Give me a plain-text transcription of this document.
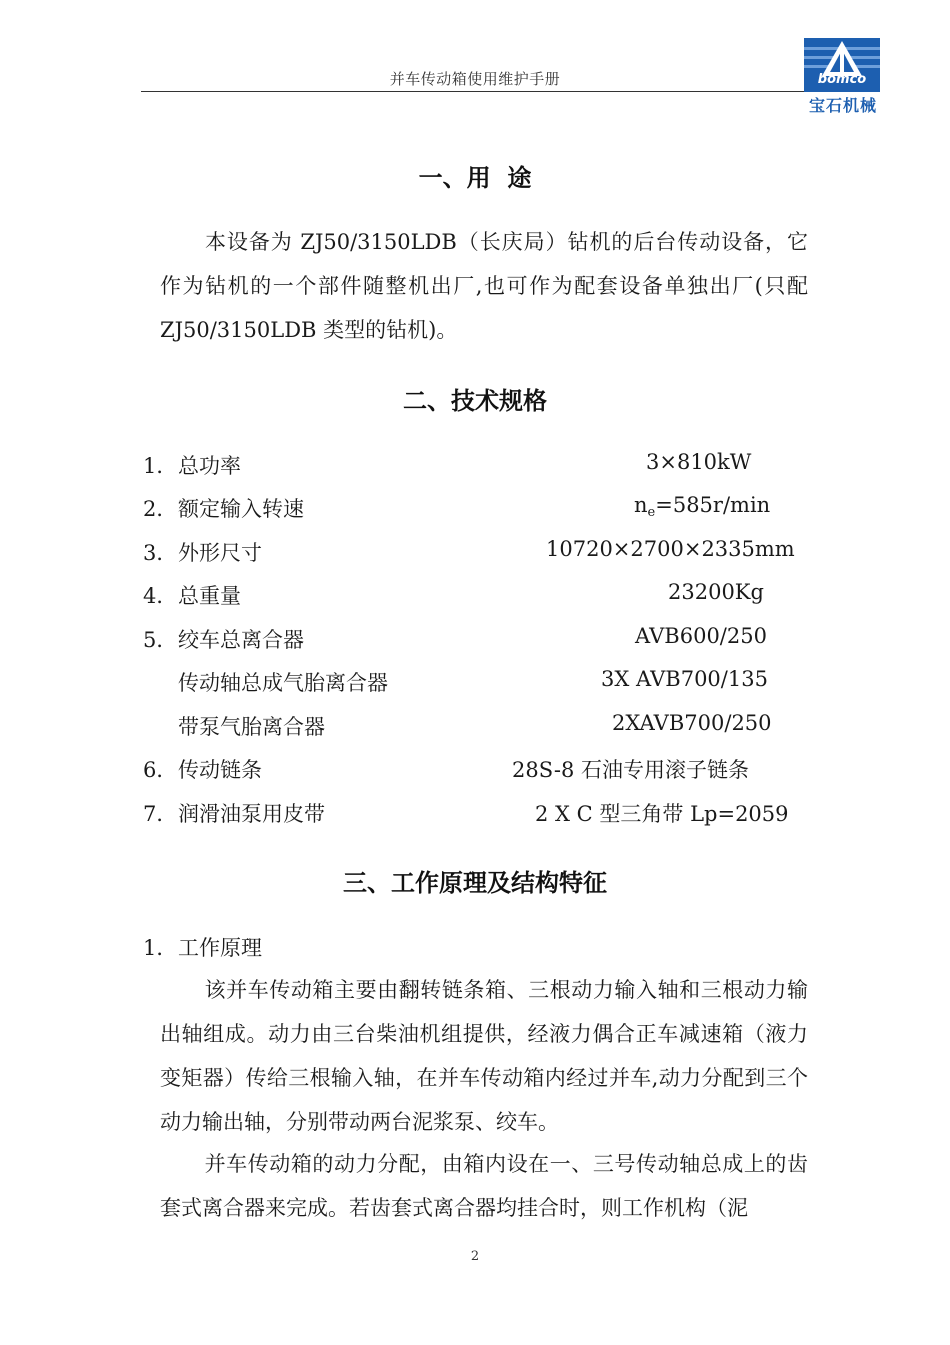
并车传动箱使用维护手册	bomco
宝石机械
一、用  途

本设备为 ZJ50/3150LDB（长庆局）钻机的后台传动设备，它作为钻机的一个部件随整机出厂,也可作为配套设备单独出厂(只配 ZJ50/3150LDB 类型的钻机)。

二、技术规格
1． 总功率	3×810kW
2． 额定输入转速	ne=585r/min
3． 外形尺寸	10720×2700×2335mm
4． 总重量	23200Kg
5． 绞车总离合器	AVB600/250
传动轴总成气胎离合器	3X AVB700/135
带泵气胎离合器	2XAVB700/250
6． 传动链条	28S-8 石油专用滚子链条
7． 润滑油泵用皮带	2 X C 型三角带 Lp=2059
三、工作原理及结构特征
1． 工作原理

该并车传动箱主要由翻转链条箱、三根动力输入轴和三根动力输出轴组成。动力由三台柴油机组提供，经液力偶合正车减速箱（液力变矩器）传给三根输入轴，在并车传动箱内经过并车,动力分配到三个动力输出轴，分别带动两台泥浆泵、绞车。

并车传动箱的动力分配，由箱内设在一、三号传动轴总成上的齿套式离合器来完成。若齿套式离合器均挂合时，则工作机构（泥

2
